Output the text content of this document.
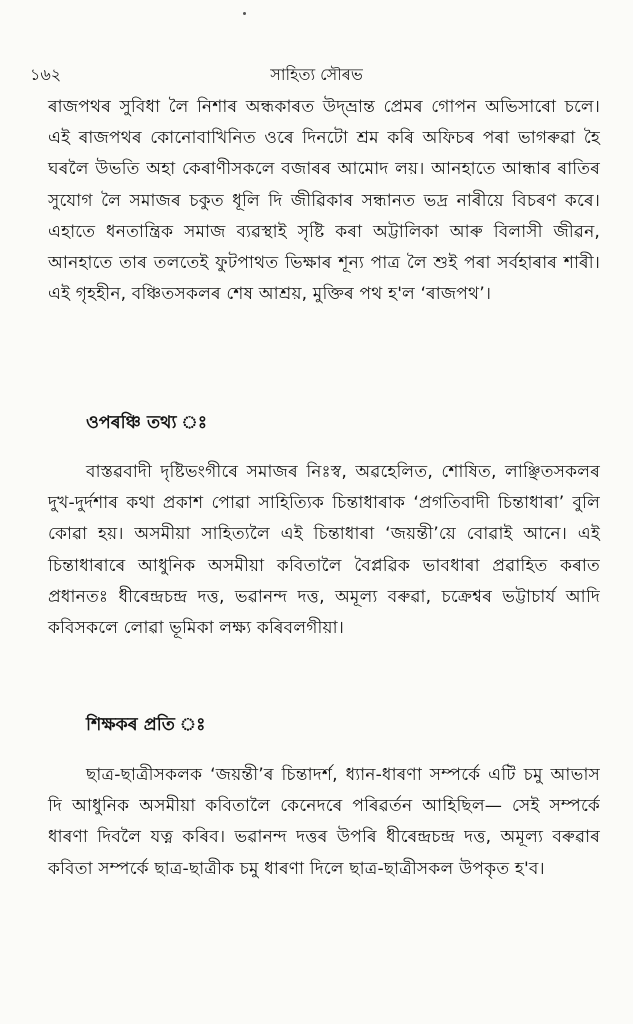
১৬২	সাহিত্য সৌৰভ

ৰাজপথৰ সুবিধা লৈ নিশাৰ অন্ধকাৰত উদ্‌ভ্ৰান্ত প্ৰেমৰ গোপন অভিসাৰো চলে। এই ৰাজপথৰ কোনোবাখিনিত ওৰে দিনটো শ্ৰম কৰি অফিচৰ পৰা ভাগৰুৱা হৈ ঘৰলৈ উভতি অহা কেৰাণীসকলে বজাৰৰ আমোদ লয়। আনহাতে আন্ধাৰ ৰাতিৰ সুযোগ লৈ সমাজৰ চকুত ধূলি দি জীৱিকাৰ সন্ধানত ভদ্ৰ নাৰীয়ে বিচৰণ কৰে। এহাতে ধনতান্ত্ৰিক সমাজ ব্যৱস্থাই সৃষ্টি কৰা অট্টালিকা আৰু বিলাসী জীৱন, আনহাতে তাৰ তলতেই ফুটপাথত ভিক্ষাৰ শূন্য পাত্ৰ লৈ শুই পৰা সৰ্বহাৰাৰ শাৰী। এই গৃহহীন, বঞ্চিতসকলৰ শেষ আশ্ৰয়, মুক্তিৰ পথ হ'ল ‘ৰাজপথ’।

ওপৰঞ্চি তথ্য ঃ

বাস্তৱবাদী দৃষ্টিভংগীৰে সমাজৰ নিঃস্ব, অৱহেলিত, শোষিত, লাঞ্ছিতসকলৰ দুখ-দুৰ্দশাৰ কথা প্ৰকাশ পোৱা সাহিত্যিক চিন্তাধাৰাক ‘প্ৰগতিবাদী চিন্তাধাৰা’ বুলি কোৱা হয়। অসমীয়া সাহিত্যলৈ এই চিন্তাধাৰা ‘জয়ন্তী’য়ে বোৱাই আনে। এই চিন্তাধাৰাৰে আধুনিক অসমীয়া কবিতালৈ বৈপ্লৱিক ভাবধাৰা প্ৰৱাহিত কৰাত প্ৰধানতঃ ধীৰেন্দ্ৰচন্দ্ৰ দত্ত, ভৱানন্দ দত্ত, অমূল্য বৰুৱা, চক্ৰেশ্বৰ ভট্টাচাৰ্য আদি কবিসকলে লোৱা ভূমিকা লক্ষ্য কৰিবলগীয়া।

শিক্ষকৰ প্ৰতি ঃ

ছাত্ৰ-ছাত্ৰীসকলক ‘জয়ন্তী’ৰ চিন্তাদৰ্শ, ধ্যান-ধাৰণা সম্পৰ্কে এটি চমু আভাস দি আধুনিক অসমীয়া কবিতালৈ কেনেদৰে পৰিৱৰ্তন আহিছিল— সেই সম্পৰ্কে ধাৰণা দিবলৈ যত্ন কৰিব। ভৱানন্দ দত্তৰ উপৰি ধীৰেন্দ্ৰচন্দ্ৰ দত্ত, অমূল্য বৰুৱাৰ কবিতা সম্পৰ্কে ছাত্ৰ-ছাত্ৰীক চমু ধাৰণা দিলে ছাত্ৰ-ছাত্ৰীসকল উপকৃত হ'ব।
